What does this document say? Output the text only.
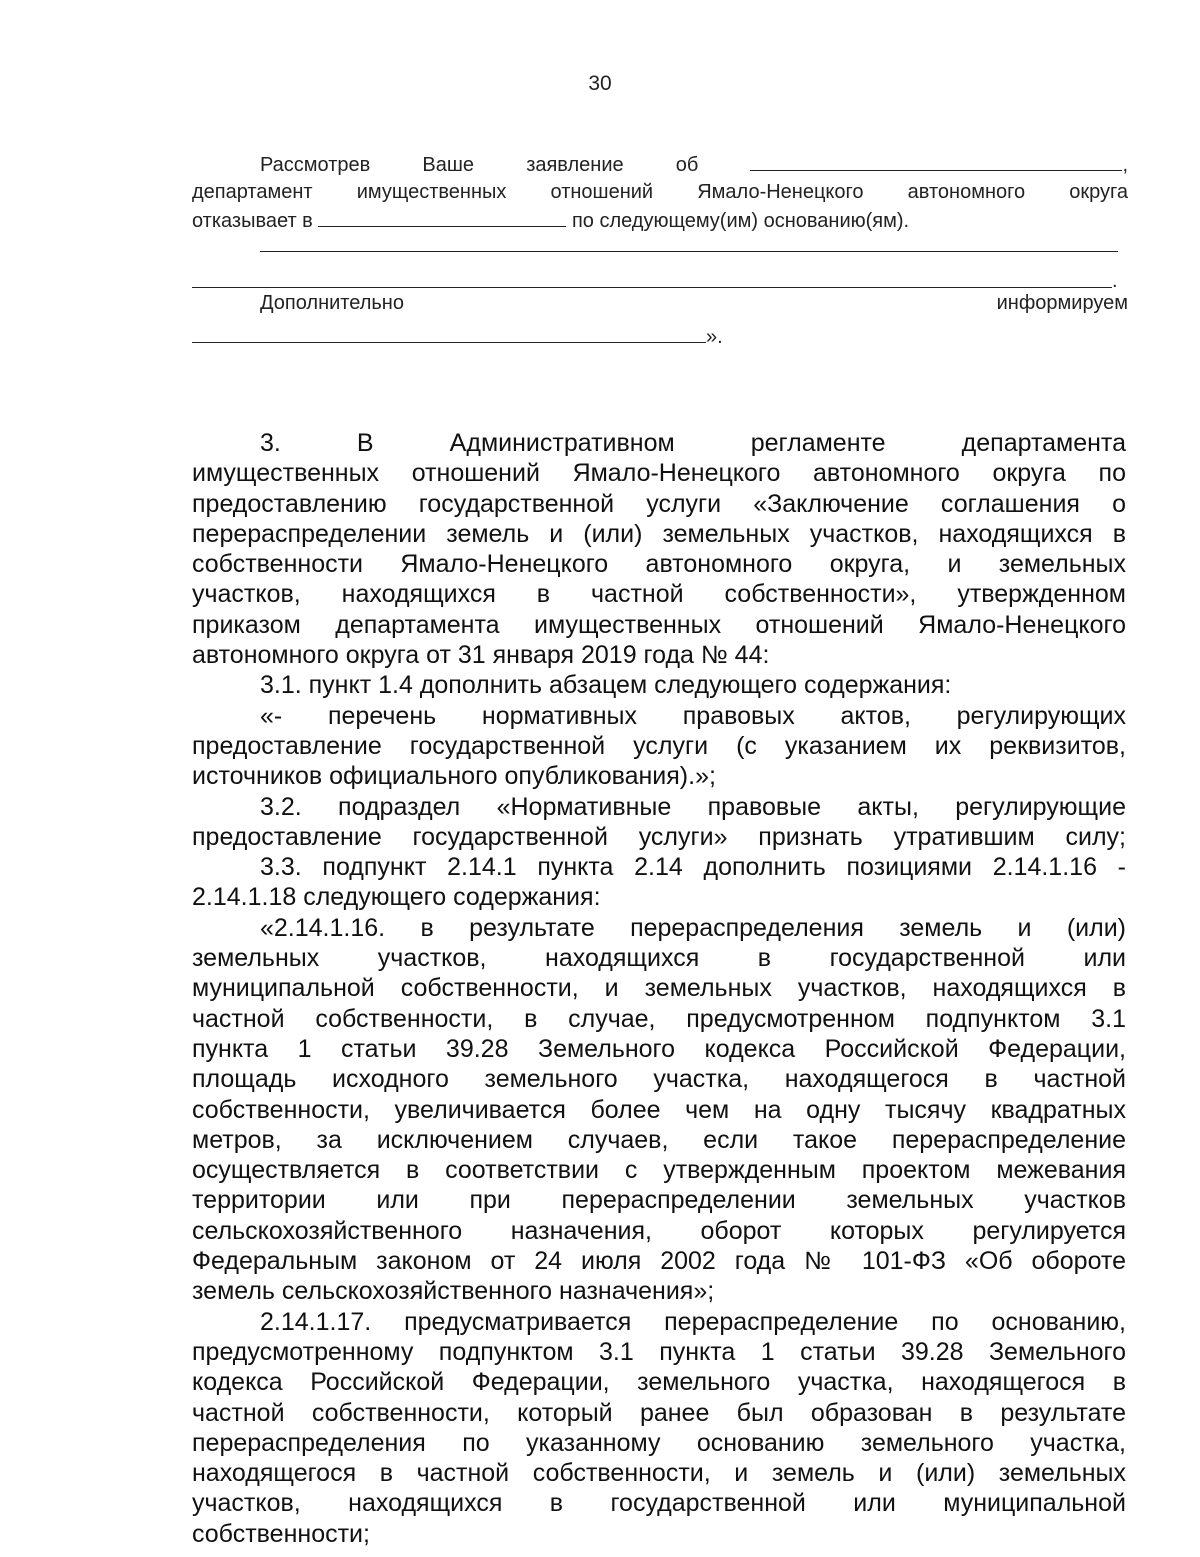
30
Рассмотрев	Ваше	заявление	об	,
департамент имущественных отношений Ямало-Ненецкого автономного округа
отказывает в	по следующему(им) основанию(ям).
.
Дополнительно	информируем
».
3. В Административном регламенте департамента
имущественных отношений Ямало-Ненецкого автономного округа по
предоставлению государственной услуги «Заключение соглашения о
перераспределении земель и (или) земельных участков, находящихся в
собственности Ямало-Ненецкого автономного округа, и земельных
участков, находящихся в частной собственности», утвержденном
приказом департамента имущественных отношений Ямало-Ненецкого
автономного округа от 31 января 2019 года № 44:
3.1. пункт 1.4 дополнить абзацем следующего содержания:
«- перечень нормативных правовых актов, регулирующих
предоставление государственной услуги (с указанием их реквизитов,
источников официального опубликования).»;
3.2. подраздел «Нормативные правовые акты, регулирующие
предоставление государственной услуги» признать утратившим силу;
3.3. подпункт 2.14.1 пункта 2.14 дополнить позициями 2.14.1.16 -
2.14.1.18 следующего содержания:
«2.14.1.16. в результате перераспределения земель и (или)
земельных участков, находящихся в государственной или
муниципальной собственности, и земельных участков, находящихся в
частной собственности, в случае, предусмотренном подпунктом 3.1
пункта 1 статьи 39.28 Земельного кодекса Российской Федерации,
площадь исходного земельного участка, находящегося в частной
собственности, увеличивается более чем на одну тысячу квадратных
метров, за исключением случаев, если такое перераспределение
осуществляется в соответствии с утвержденным проектом межевания
территории или при перераспределении земельных участков
сельскохозяйственного назначения, оборот которых регулируется
Федеральным законом от 24 июля 2002 года № 101-ФЗ «Об обороте
земель сельскохозяйственного назначения»;
2.14.1.17. предусматривается перераспределение по основанию,
предусмотренному подпунктом 3.1 пункта 1 статьи 39.28 Земельного
кодекса Российской Федерации, земельного участка, находящегося в
частной собственности, который ранее был образован в результате
перераспределения по указанному основанию земельного участка,
находящегося в частной собственности, и земель и (или) земельных
участков, находящихся в государственной или муниципальной
собственности;
